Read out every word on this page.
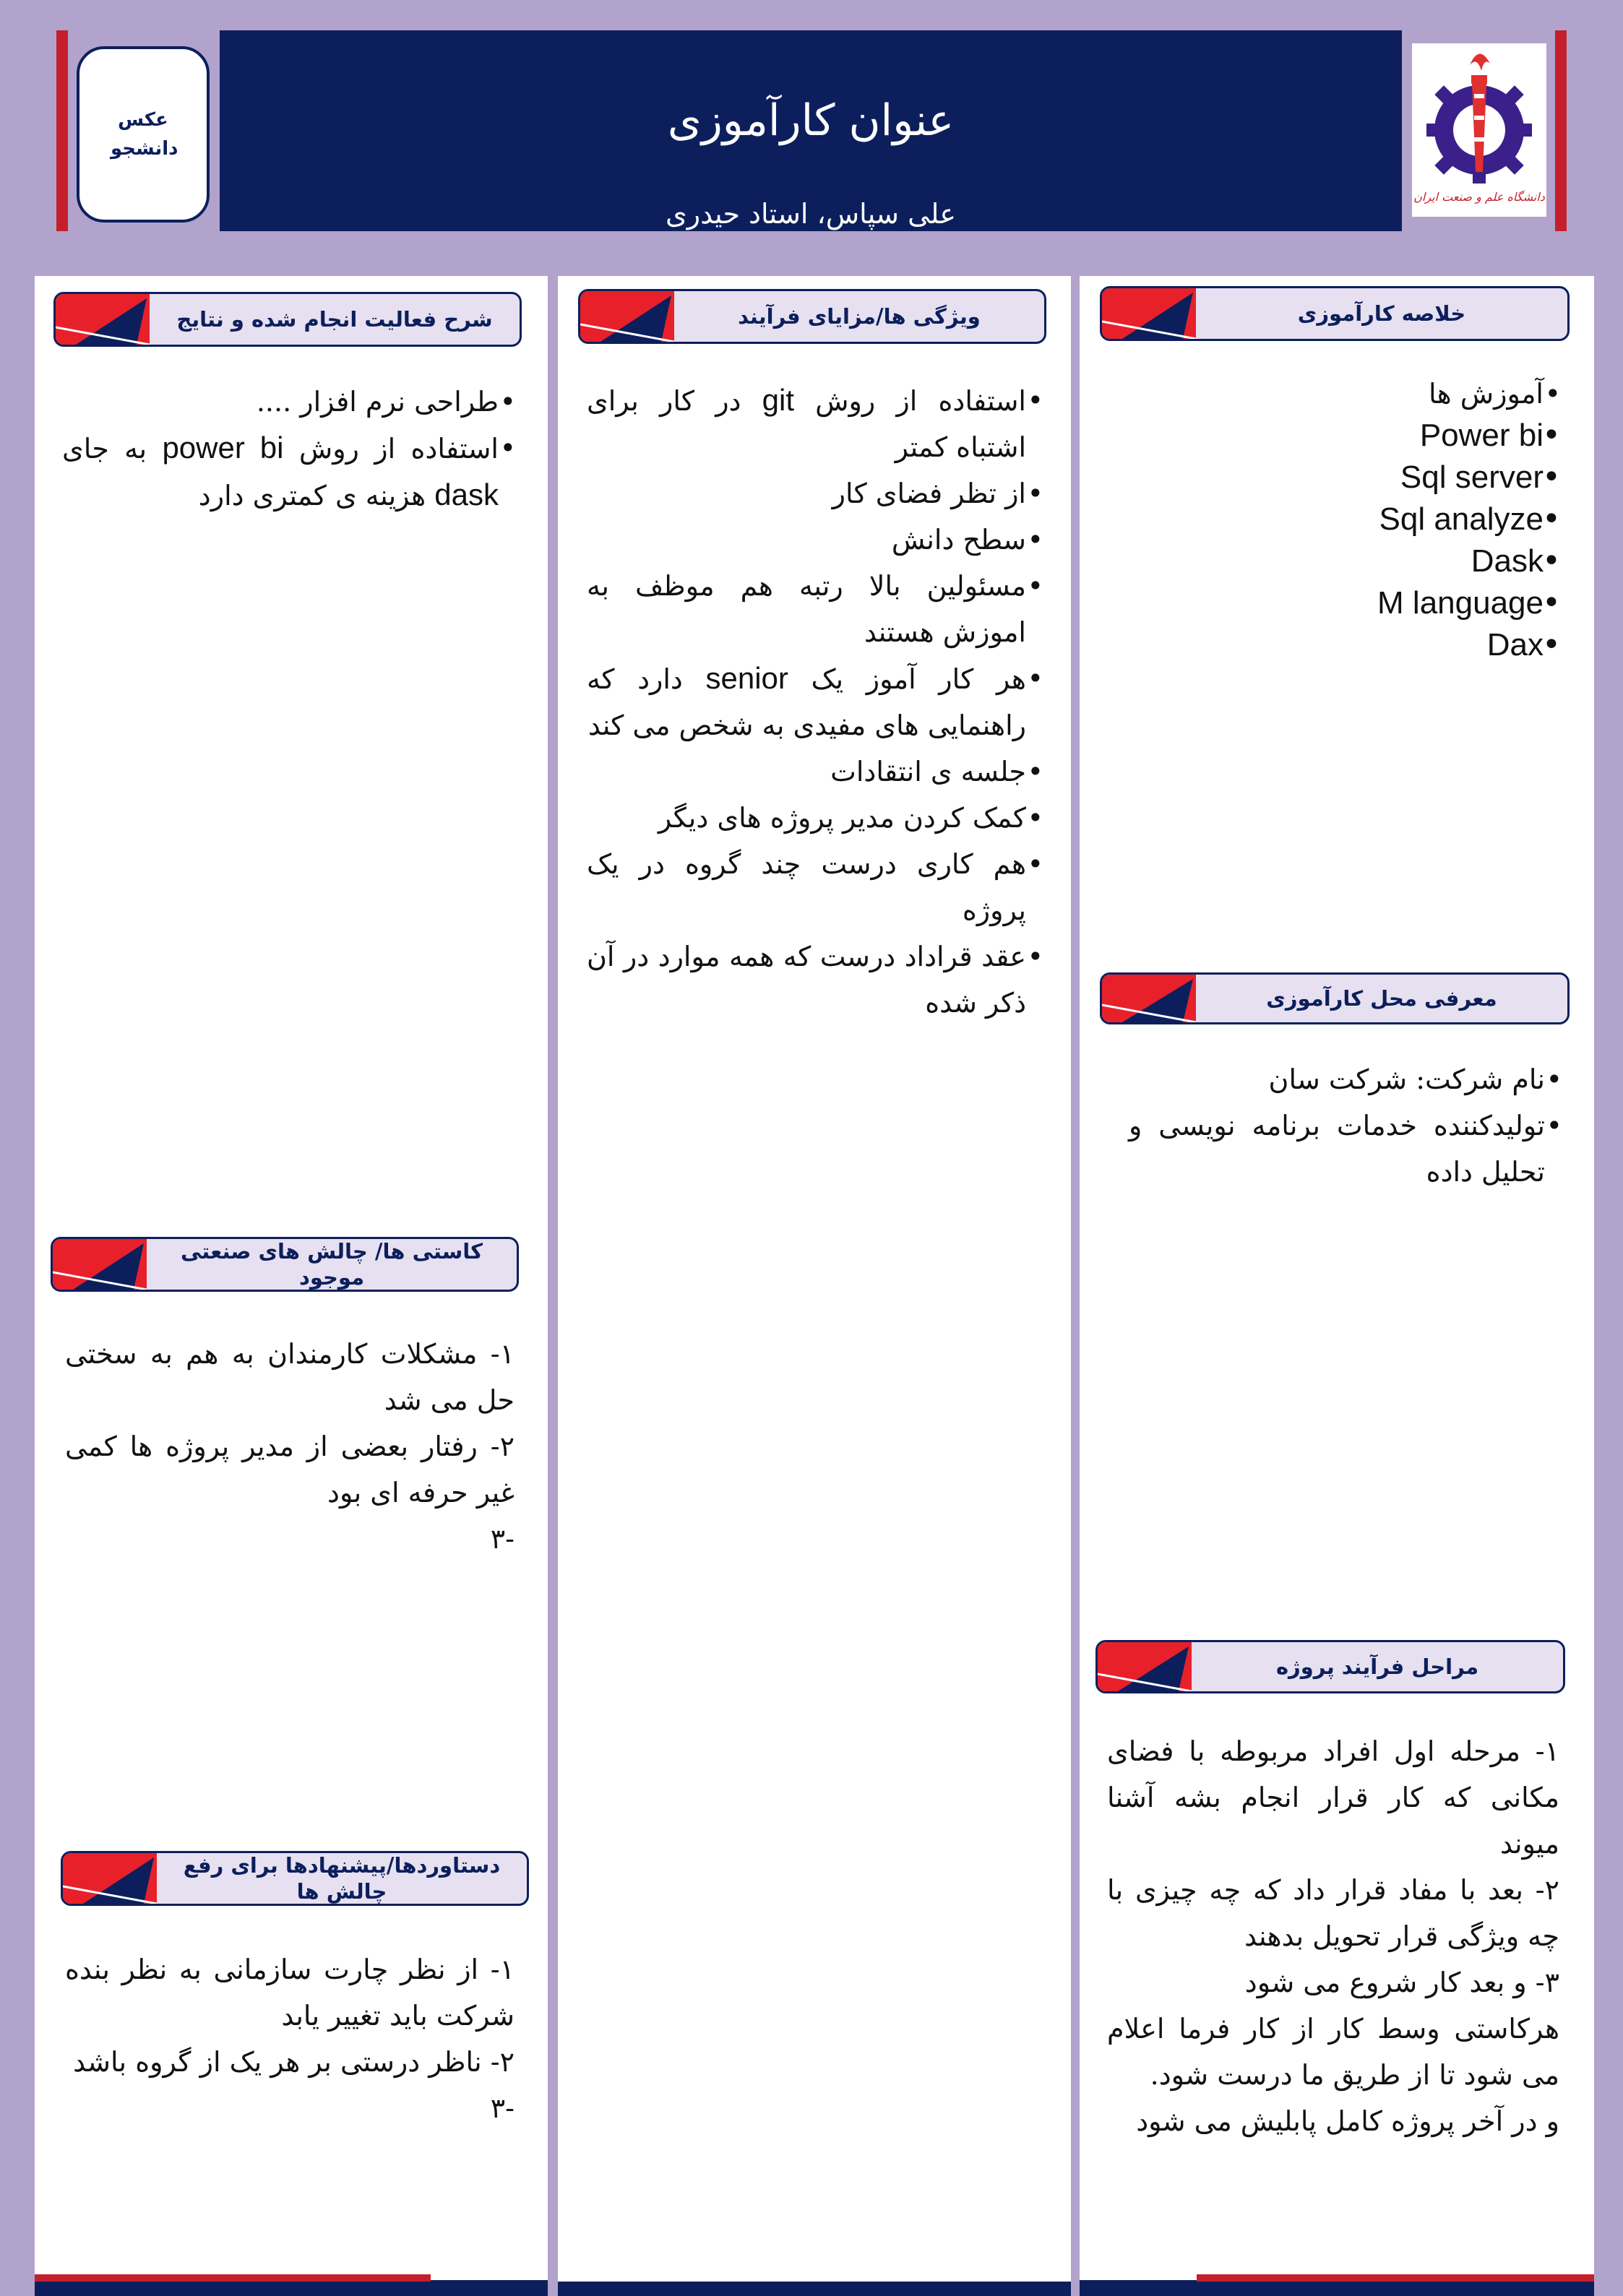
عکس دانشجو
عنوان کارآموزی
علی سپاس، استاد حیدری
دانشگاه علم و صنعت ایران
خلاصه کارآموزی
• آموزش ها
• Power bi
• Sql server
• Sql analyze
• Dask
• M language
• Dax
معرفی محل کارآموزی
• نام شرکت: شرکت سان
• تولیدکننده خدمات برنامه نویسی و تحلیل داده
مراحل فرآیند پروژه

۱- مرحله اول افراد مربوطه با فضای مکانی که کار قرار انجام بشه آشنا میوند

۲- بعد با مفاد قرار داد که چه چیزی با چه ویژگی قرار تحویل بدهند

۳- و بعد کار شروع می شود

هرکاستی وسط کار از کار فرما اعلام می شود تا از طریق ما درست شود.

و در آخر پروژه کامل پابلیش می شود

ویژگی ها/مزایای فرآیند
• استفاده از روش git در کار برای اشتباه کمتر
• از تظر فضای کار
• سطح دانش
• مسئولین بالا رتبه هم موظف به اموزش هستند
• هر کار آموز یک senior دارد که راهنمایی های مفیدی به شخص می کند
• جلسه ی انتقادات
• کمک کردن مدیر پروژه های دیگر
• هم کاری درست چند گروه در یک پروژه
• عقد قراداد درست که همه موارد در آن ذکر شده
شرح فعالیت انجام شده و نتایج
• طراحی نرم افزار ....
• استفاده از روش power bi به جای dask هزینه ی کمتری دارد
کاستی ها/ چالش های صنعتی موجود

۱- مشکلات کارمندان به هم به سختی حل می شد

۲- رفتار بعضی از مدیر پروژه ها کمی غیر حرفه ای بود

-۳

دستاوردها/پیشنهادها برای رفع چالش ها

۱- از نظر چارت سازمانی به نظر بنده شرکت باید تغییر یابد

۲- ناظر درستی بر هر یک از گروه باشد

-۳
